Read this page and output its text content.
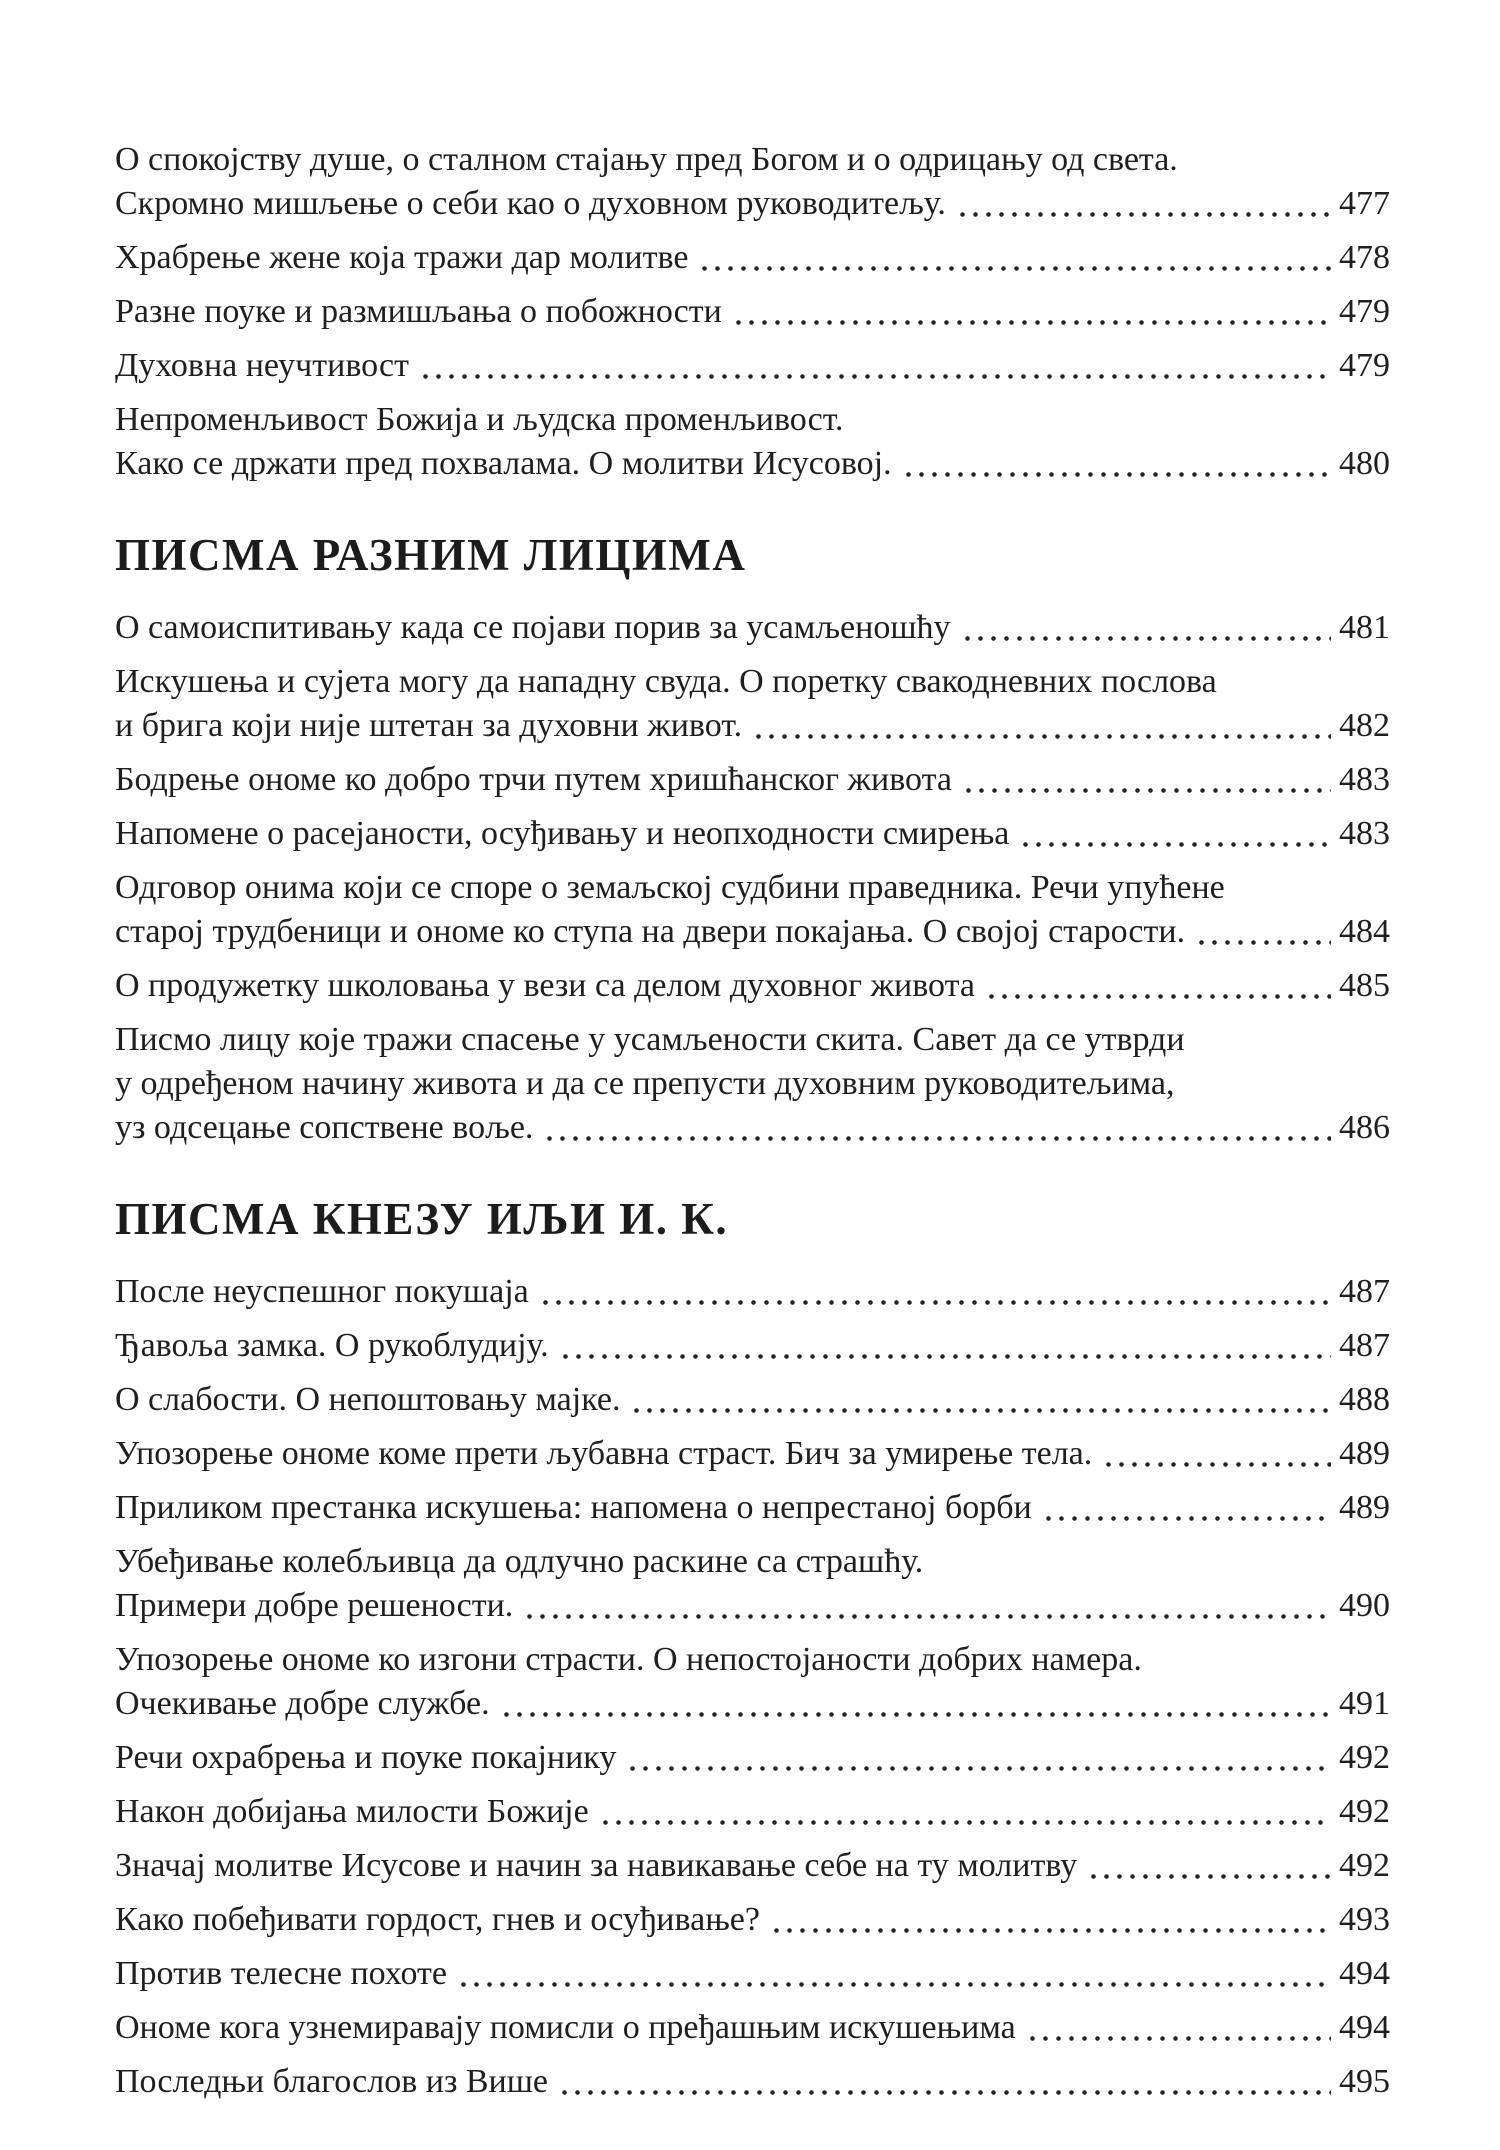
О спокојству душе, о сталном стајању пред Богом и о одрицању од света.
Скромно мишљење о себи као о духовном руководитељу.	477
Храбрење жене која тражи дар молитве	478
Разне поуке и размишљања о побожности	479
Духовна неучтивост	479
Непроменљивост Божија и људска променљивост.
Како се држати пред похвалама. О молитви Исусовој.	480
ПИСМА РАЗНИМ ЛИЦИМА
О самоиспитивању када се појави порив за усамљеношћу	481
Искушења и сујета могу да нападну свуда. О поретку свакодневних послова
и брига који није штетан за духовни живот.	482
Бодрење ономе ко добро трчи путем хришћанског живота	483
Напомене о расејаности, осуђивању и неопходности смирења	483
Одговор онима који се споре о земаљској судбини праведника. Речи упућене
старој трудбеници и ономе ко ступа на двери покајања. О својој старости.	484
О продужетку школовања у вези са делом духовног живота	485
Писмо лицу које тражи спасење у усамљености скита. Савет да се утврди
у одређеном начину живота и да се препусти духовним руководитељима,
уз одсецање сопствене воље.	486
ПИСМА КНЕЗУ ИЉИ И. К.
После неуспешног покушаја	487
Ђавоља замка. О рукоблудију.	487
О слабости. О непоштовању мајке.	488
Упозорење ономе коме прети љубавна страст. Бич за умирење тела.	489
Приликом престанка искушења: напомена о непрестаној борби	489
Убеђивање колебљивца да одлучно раскине са страшћу.
Примери добре решености.	490
Упозорење ономе ко изгони страсти. О непостојаности добрих намера.
Очекивање добре службе.	491
Речи охрабрења и поуке покајнику	492
Након добијања милости Божије	492
Значај молитве Исусове и начин за навикавање себе на ту молитву	492
Како побеђивати гордост, гнев и осуђивање?	493
Против телесне похоте	494
Ономе кога узнемиравају помисли о пређашњим искушењима	494
Последњи благослов из Више	495
